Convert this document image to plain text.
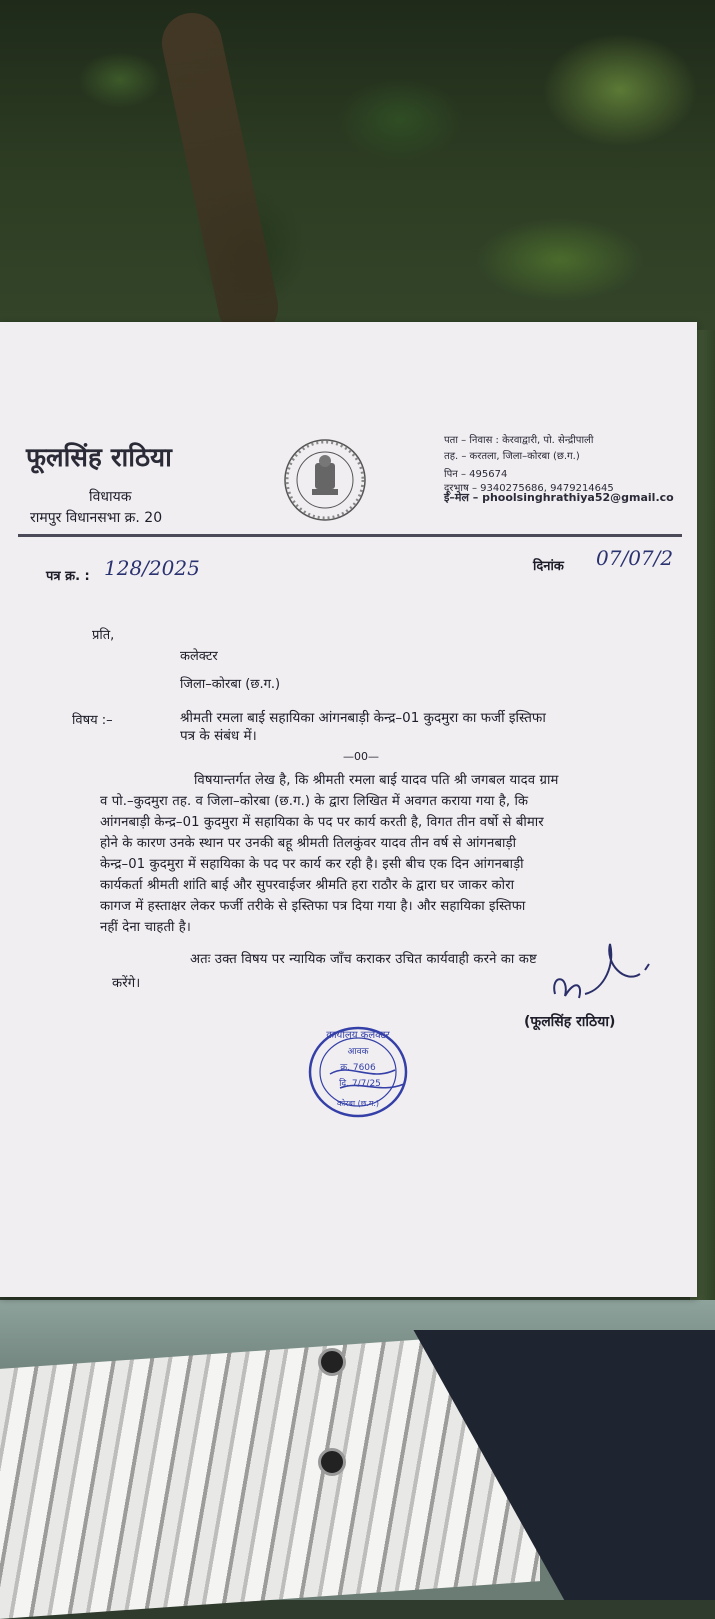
फूलसिंह राठिया
विधायक
रामपुर विधानसभा क्र. 20
पता – निवास : केरवाद्वारी, पो. सेन्द्रीपाली
तह. – करतला, जिला–कोरबा (छ.ग.)
पिन – 495674
दूरभाष – 9340275686, 9479214645
ई–मेल – phoolsinghrathiya52@gmail.co
पत्र क्र. : 128/2025	दिनांक 07/07/2
प्रति,
कलेक्टर
जिला–कोरबा (छ.ग.)
विषय :–	श्रीमती रमला बाई सहायिका आंगनबाड़ी केन्द्र–01 कुदमुरा का फर्जी इस्तिफा
पत्र के संबंध में।
—00—
विषयान्तर्गत लेख है, कि श्रीमती रमला बाई यादव पति श्री जगबल यादव ग्राम
व पो.–कुदमुरा तह. व जिला–कोरबा (छ.ग.) के द्वारा लिखित में अवगत कराया गया है, कि
आंगनबाड़ी केन्द्र–01 कुदमुरा में सहायिका के पद पर कार्य करती है, विगत तीन वर्षो से बीमार
होने के कारण उनके स्थान पर उनकी बहू श्रीमती तिलकुंवर यादव तीन वर्ष से आंगनबाड़ी
केन्द्र–01 कुदमुरा में सहायिका के पद पर कार्य कर रही है। इसी बीच एक दिन आंगनबाड़ी
कार्यकर्ता श्रीमती शांति बाई और सुपरवाईजर श्रीमति हरा राठौर के द्वारा घर जाकर कोरा
कागज में हस्ताक्षर लेकर फर्जी तरीके से इस्तिफा पत्र दिया गया है। और सहायिका इस्तिफा
नहीं देना चाहती है।
अतः उक्त विषय पर न्यायिक जाँच कराकर उचित कार्यवाही करने का कष्ट
करेंगे।
(फूलसिंह राठिया)
कार्यालय कलेक्टर
आवक
क्र. 7606
दि. 7/7/25
कोरबा (छ.ग.)
